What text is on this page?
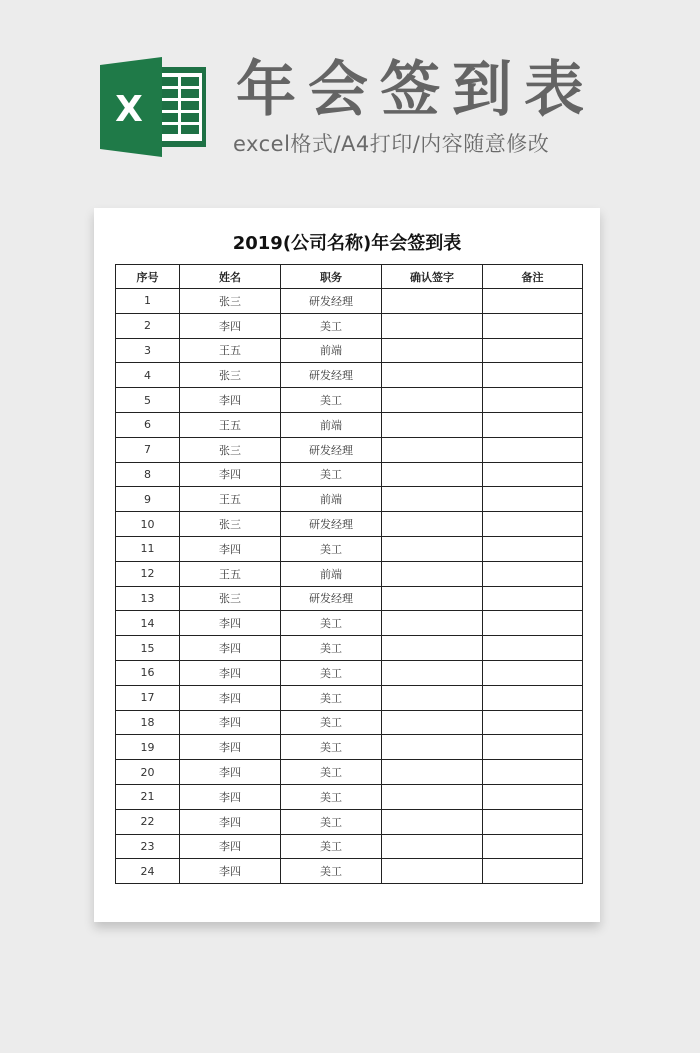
X 年会签到表
excel格式/A4打印/内容随意修改
2019(公司名称)年会签到表
序号	姓名	职务	确认签字	备注
1	张三	研发经理		
2	李四	美工		
3	王五	前端		
4	张三	研发经理		
5	李四	美工		
6	王五	前端		
7	张三	研发经理		
8	李四	美工		
9	王五	前端		
10	张三	研发经理		
11	李四	美工		
12	王五	前端		
13	张三	研发经理		
14	李四	美工		
15	李四	美工		
16	李四	美工		
17	李四	美工		
18	李四	美工		
19	李四	美工		
20	李四	美工		
21	李四	美工		
22	李四	美工		
23	李四	美工		
24	李四	美工		
